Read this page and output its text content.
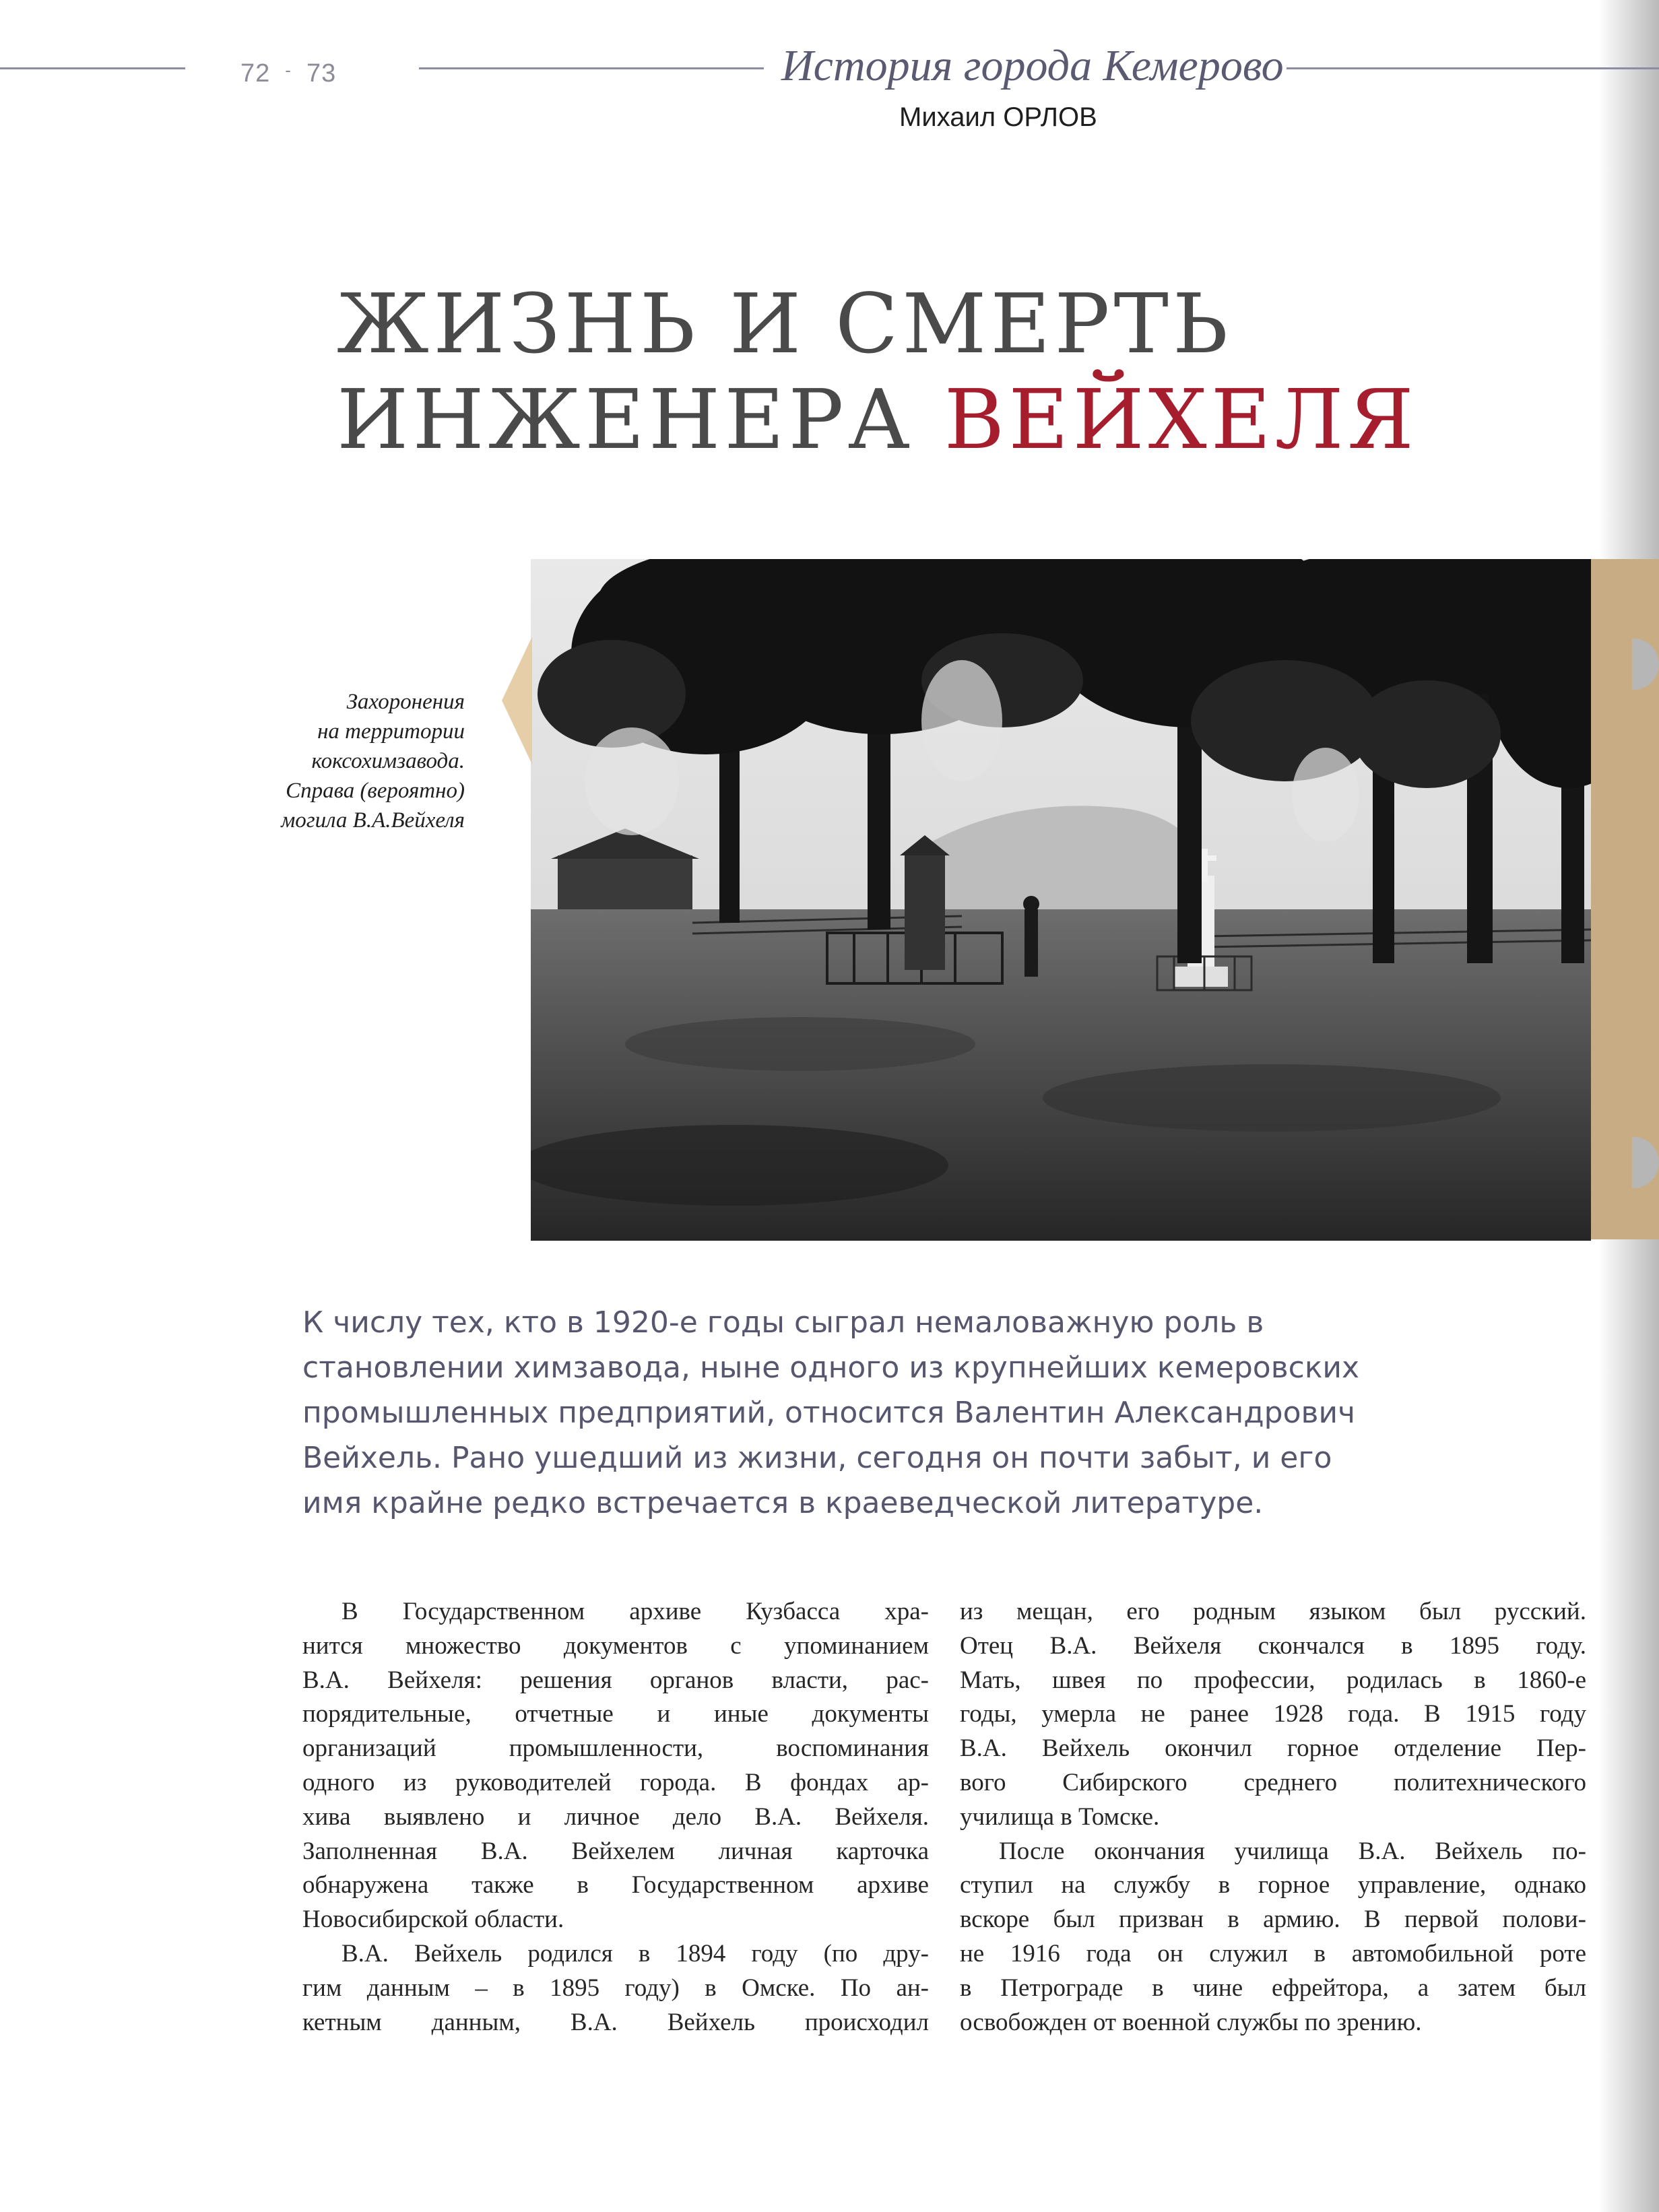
72 - 73	История города Кемерово
Михаил ОРЛОВ
ЖИЗНЬ И СМЕРТЬ
ИНЖЕНЕРА ВЕЙХЕЛЯ
Захоронения
на территории
коксохимзавода.
Справа (вероятно)
могила В.А.Вейхеля
К числу тех, кто в 1920-е годы сыграл немаловажную роль в
становлении химзавода, ныне одного из крупнейших кемеровских
промышленных предприятий, относится Валентин Александрович
Вейхель. Рано ушедший из жизни, сегодня он почти забыт, и его
имя крайне редко встречается в краеведческой литературе.

В Государственном архиве Кузбасса хра-
нится множество документов с упоминанием
В.А. Вейхеля: решения органов власти, рас-
порядительные, отчетные и иные документы
организаций промышленности, воспоминания
одного из руководителей города. В фондах ар-
хива выявлено и личное дело В.А. Вейхеля.
Заполненная В.А. Вейхелем личная карточка
обнаружена также в Государственном архиве
Новосибирской области.

В.А. Вейхель родился в 1894 году (по дру-
гим данным – в 1895 году) в Омске. По ан-
кетным данным, В.А. Вейхель происходил

из мещан, его родным языком был русский.
Отец В.А. Вейхеля скончался в 1895 году.
Мать, швея по профессии, родилась в 1860-е
годы, умерла не ранее 1928 года. В 1915 году
В.А. Вейхель окончил горное отделение Пер-
вого Сибирского среднего политехнического
училища в Томске.

После окончания училища В.А. Вейхель по-
ступил на службу в горное управление, однако
вскоре был призван в армию. В первой полови-
не 1916 года он служил в автомобильной роте
в Петрограде в чине ефрейтора, а затем был
освобожден от военной службы по зрению.
